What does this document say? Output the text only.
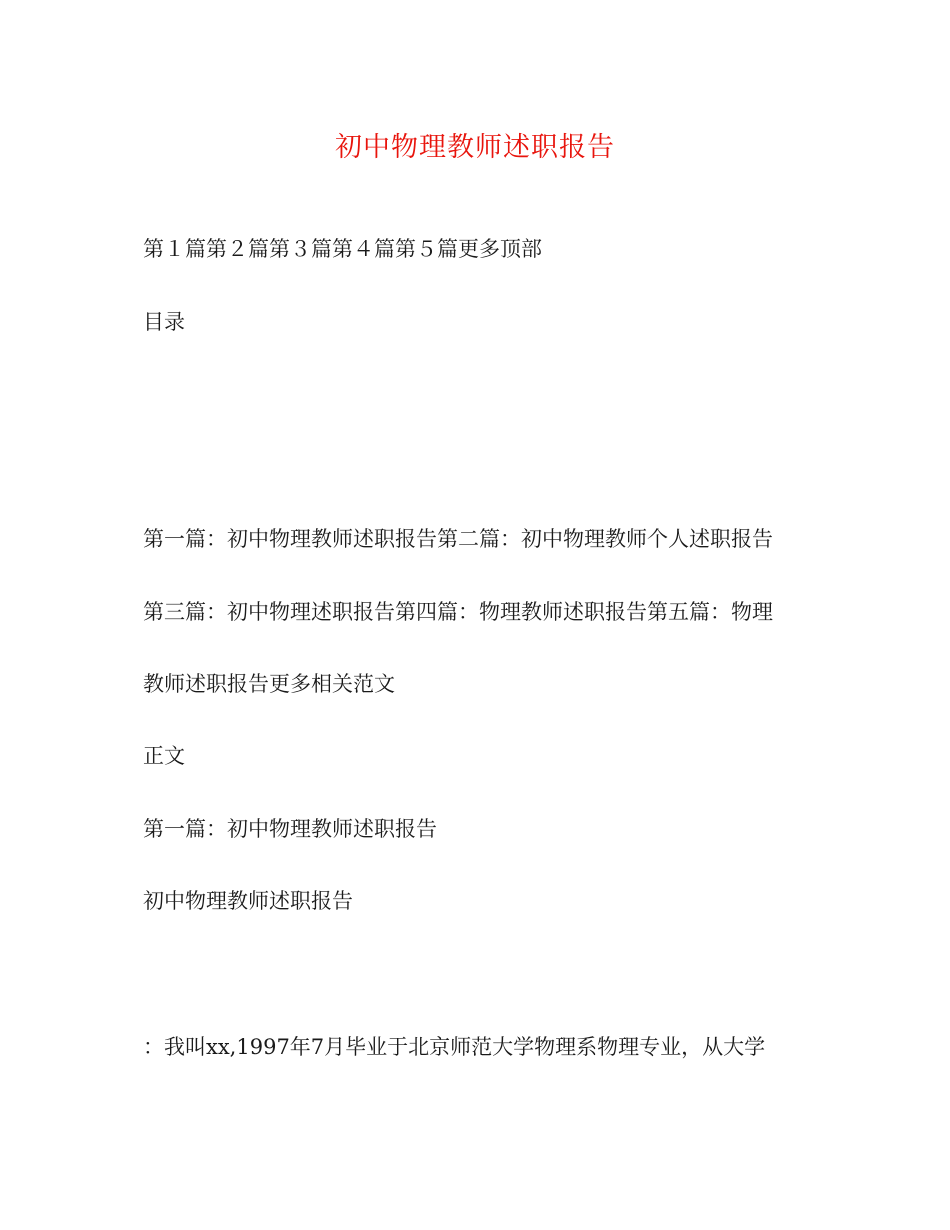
初中物理教师述职报告
第１篇第２篇第３篇第４篇第５篇更多顶部
目录
第一篇：初中物理教师述职报告第二篇：初中物理教师个人述职报告
第三篇：初中物理述职报告第四篇：物理教师述职报告第五篇：物理
教师述职报告更多相关范文
正文
第一篇：初中物理教师述职报告
初中物理教师述职报告
：我叫xx,1997年7月毕业于北京师范大学物理系物理专业，从大学
